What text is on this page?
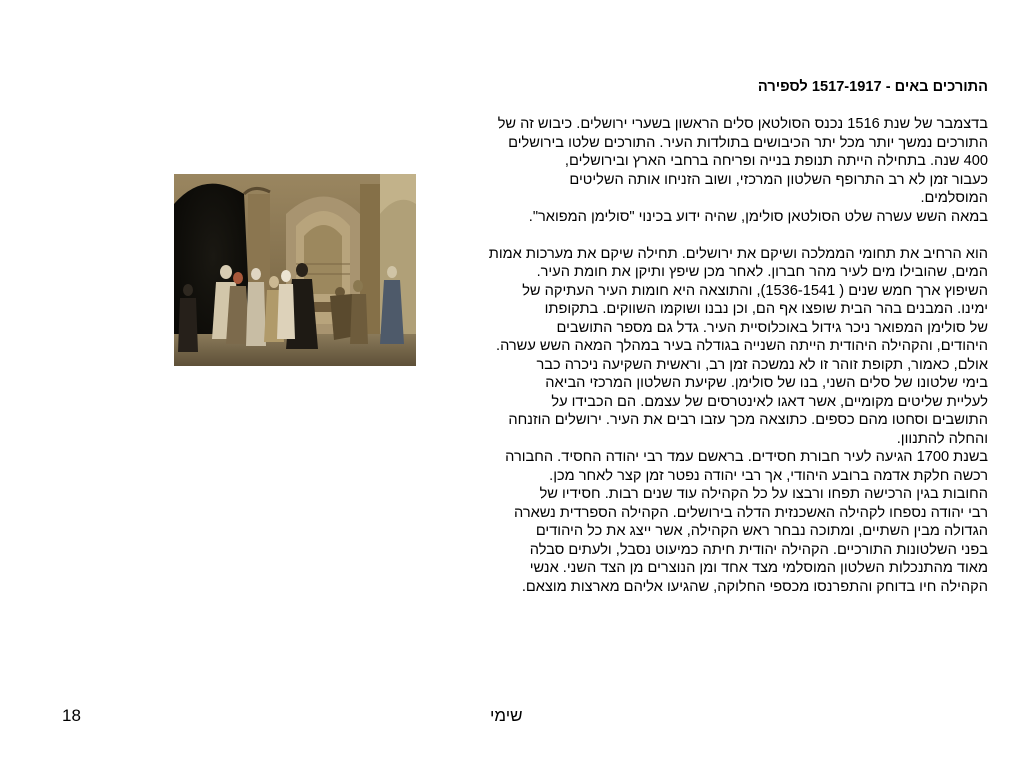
התורכים באים - 1517-1917 לספירה
בדצמבר של שנת 1516 נכנס הסולטאן סלים הראשון בשערי ירושלים. כיבוש זה של
התורכים נמשך יותר מכל יתר הכיבושים בתולדות העיר. התורכים שלטו בירושלים
400 שנה. בתחילה הייתה תנופת בנייה ופריחה ברחבי הארץ ובירושלים,
כעבור זמן לא רב התרופף השלטון המרכזי, ושוב הזניחו אותה השליטים
המוסלמים.
במאה השש עשרה שלט הסולטאן סולימן, שהיה ידוע בכינוי "סולימן המפואר".
הוא הרחיב את תחומי הממלכה ושיקם את ירושלים. תחילה שיקם את מערכות אמות
המים, שהובילו מים לעיר מהר חברון. לאחר מכן שיפץ ותיקן את חומת העיר.
השיפוץ ארך חמש שנים ( 1536-1541), והתוצאה היא חומות העיר העתיקה של
ימינו. המבנים בהר הבית שופצו אף הם, וכן נבנו ושוקמו השווקים. בתקופתו
של סולימן המפואר ניכר גידול באוכלוסיית העיר. גדל גם מספר התושבים
היהודים, והקהילה היהודית הייתה השנייה בגודלה בעיר במהלך המאה השש עשרה.
אולם, כאמור, תקופת זוהר זו לא נמשכה זמן רב, וראשית השקיעה ניכרה כבר
בימי שלטונו של סלים השני, בנו של סולימן. שקיעת השלטון המרכזי הביאה
לעליית שליטים מקומיים, אשר דאגו לאינטרסים של עצמם. הם הכבידו על
התושבים וסחטו מהם כספים. כתוצאה מכך עזבו רבים את העיר. ירושלים הוזנחה
והחלה להתנוון.
בשנת 1700 הגיעה לעיר חבורת חסידים. בראשם עמד רבי יהודה החסיד. החבורה
רכשה חלקת אדמה ברובע היהודי, אך רבי יהודה נפטר זמן קצר לאחר מכן.
החובות בגין הרכישה תפחו ורבצו על כל הקהילה עוד שנים רבות. חסידיו של
רבי יהודה נספחו לקהילה האשכנזית הדלה בירושלים. הקהילה הספרדית נשארה
הגדולה מבין השתיים, ומתוכה נבחר ראש הקהילה, אשר ייצג את כל היהודים
בפני השלטונות התורכיים. הקהילה יהודית חיתה כמיעוט נסבל, ולעתים סבלה
מאוד מהתנכלות השלטון המוסלמי מצד אחד ומן הנוצרים מן הצד השני. אנשי
הקהילה חיו בדוחק והתפרנסו מכספי החלוקה, שהגיעו אליהם מארצות מוצאם.
שימי
18
